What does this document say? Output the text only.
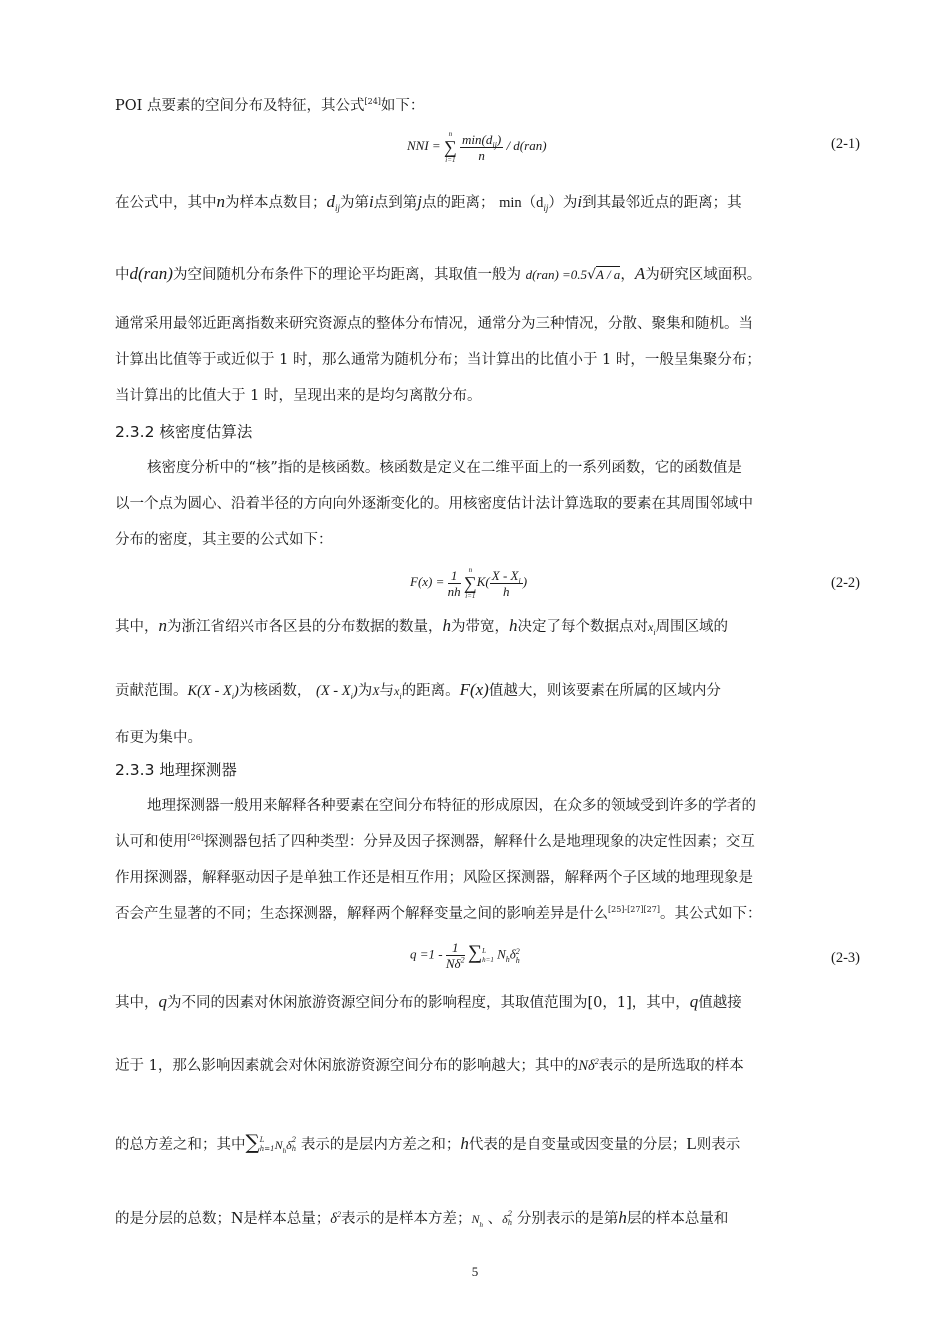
POI 点要素的空间分布及特征，其公式[24]如下：
NNI =
n
∑
i=1
$\frac{\min(d_{ij})}{n} / d(ran)$	(2-1)
在公式中，其中n为样本点数目；$d_{ij}$为第i点到第j点的距离； $\min(d_{ij})$为i到其最邻近点的距离；其
中d(ran)为空间随机分布条件下的理论平均距离，其取值一般为 d(ran) =0.5√A / a，A为研究区域面积。
通常采用最邻近距离指数来研究资源点的整体分布情况，通常分为三种情况，分散、聚集和随机。当
计算出比值等于或近似于 1 时，那么通常为随机分布；当计算出的比值小于 1 时，一般呈集聚分布；
当计算出的比值大于 1 时，呈现出来的是均匀离散分布。
2.3.2 核密度估算法
核密度分析中的“核”指的是核函数。核函数是定义在二维平面上的一系列函数，它的函数值是
以一个点为圆心、沿着半径的方向向外逐渐变化的。用核密度估计法计算选取的要素在其周围邻域中
分布的密度，其主要的公式如下：
$F(x) = \frac{1}{nh}$
	n
∑
i=1
$K( \frac{X - X_i}{h}$ )	(2-2)
其中，n为浙江省绍兴市各区县的分布数据的数量，h为带宽，h决定了每个数据点对$x_i$周围区域的
贡献范围。$K(X - X_i)$为核函数， $(X - X_i)$为X与$x_i$的距离。F(x)值越大，则该要素在所属的区域内分
布更为集中。
2.3.3 地理探测器
地理探测器一般用来解释各种要素在空间分布特征的形成原因，在众多的领域受到许多的学者的
认可和使用[26]探测器包括了四种类型：分异及因子探测器，解释什么是地理现象的决定性因素；交互
作用探测器，解释驱动因子是单独工作还是相互作用；风险区探测器，解释两个子区域的地理现象是
否会产生显著的不同；生态探测器，解释两个解释变量之间的影响差异是什么[25]-[27][27]。其公式如下：
$q =1 - \frac{1}{N\delta^2}$ ∑ L
h=1 $N_h\delta$ 2
h	(2-3)
其中，q为不同的因素对休闲旅游资源空间分布的影响程度，其取值范围为[0，1]，其中，q值越接
近于 1，那么影响因素就会对休闲旅游资源空间分布的影响越大；其中的$N\delta^2$表示的是所选取的样本
的总方差之和；其中∑ L
h=1 $N_h\delta$ 2
h 表示的是层内方差之和；h代表的是自变量或因变量的分层；L则表示
的是分层的总数；N是样本总量；$\delta^2$表示的是样本方差；$N_h$ 、δ 2
h 分别表示的是第h层的样本总量和
5
